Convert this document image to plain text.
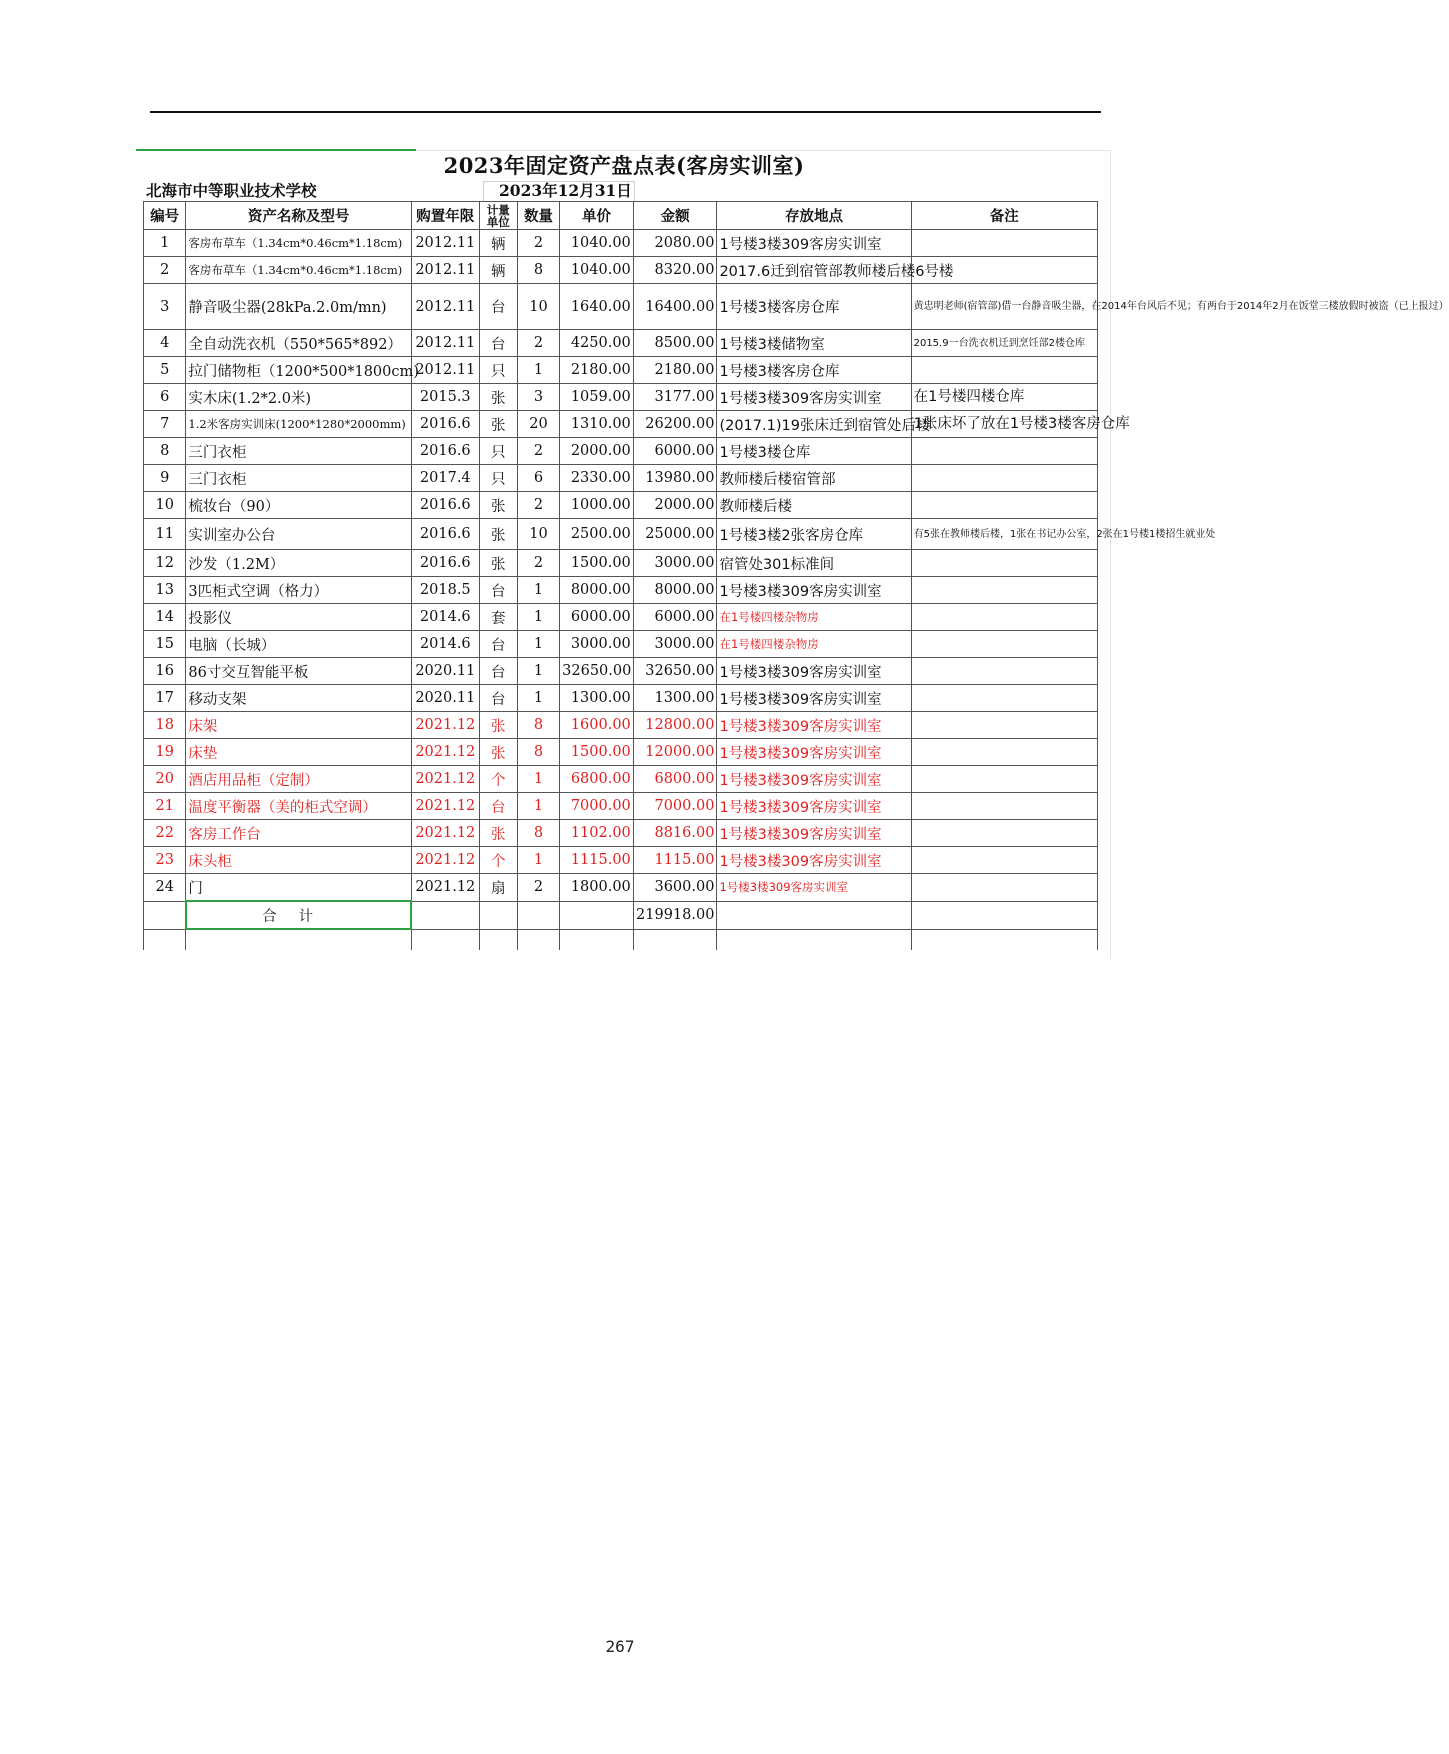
2023年固定资产盘点表(客房实训室)
北海市中等职业技术学校	2023年12月31日
编号	资产名称及型号	购置年限	计量单位	数量	单价	金额	存放地点	备注
1	客房布草车（1.34cm*0.46cm*1.18cm)	2012.11	辆	2	1040.00	2080.00	1号楼3楼309客房实训室	
2	客房布草车（1.34cm*0.46cm*1.18cm)	2012.11	辆	8	1040.00	8320.00	2017.6迁到宿管部教师楼后楼6号楼	
3	静音吸尘器(28kPa.2.0m/mn)	2012.11	台	10	1640.00	16400.00	1号楼3楼客房仓库	黄忠明老师(宿管部)借一台静音吸尘器，在2014年台风后不见；有两台于2014年2月在饭堂三楼放假时被盗（已上报过）
4	全自动洗衣机（550*565*892）	2012.11	台	2	4250.00	8500.00	1号楼3楼储物室	2015.9一台洗衣机迁到烹饪部2楼仓库
5	拉门储物柜（1200*500*1800cm)	2012.11	只	1	2180.00	2180.00	1号楼3楼客房仓库	
6	实木床(1.2*2.0米)	2015.3	张	3	1059.00	3177.00	1号楼3楼309客房实训室	在1号楼四楼仓库
7	1.2米客房实训床(1200*1280*2000mm)	2016.6	张	20	1310.00	26200.00	(2017.1)19张床迁到宿管处后楼	1张床坏了放在1号楼3楼客房仓库
8	三门衣柜	2016.6	只	2	2000.00	6000.00	1号楼3楼仓库	
9	三门衣柜	2017.4	只	6	2330.00	13980.00	教师楼后楼宿管部	
10	梳妆台（90）	2016.6	张	2	1000.00	2000.00	教师楼后楼	
11	实训室办公台	2016.6	张	10	2500.00	25000.00	1号楼3楼2张客房仓库	有5张在教师楼后楼，1张在书记办公室，2张在1号楼1楼招生就业处
12	沙发（1.2M）	2016.6	张	2	1500.00	3000.00	宿管处301标准间	
13	3匹柜式空调（格力）	2018.5	台	1	8000.00	8000.00	1号楼3楼309客房实训室	
14	投影仪	2014.6	套	1	6000.00	6000.00	在1号楼四楼杂物房	
15	电脑（长城）	2014.6	台	1	3000.00	3000.00	在1号楼四楼杂物房	
16	86寸交互智能平板	2020.11	台	1	32650.00	32650.00	1号楼3楼309客房实训室	
17	移动支架	2020.11	台	1	1300.00	1300.00	1号楼3楼309客房实训室	
18	床架	2021.12	张	8	1600.00	12800.00	1号楼3楼309客房实训室	
19	床垫	2021.12	张	8	1500.00	12000.00	1号楼3楼309客房实训室	
20	酒店用品柜（定制）	2021.12	个	1	6800.00	6800.00	1号楼3楼309客房实训室	
21	温度平衡器（美的柜式空调）	2021.12	台	1	7000.00	7000.00	1号楼3楼309客房实训室	
22	客房工作台	2021.12	张	8	1102.00	8816.00	1号楼3楼309客房实训室	
23	床头柜	2021.12	个	1	1115.00	1115.00	1号楼3楼309客房实训室	
24	门	2021.12	扇	2	1800.00	3600.00	1号楼3楼309客房实训室	
	合计					219918.00		

267
